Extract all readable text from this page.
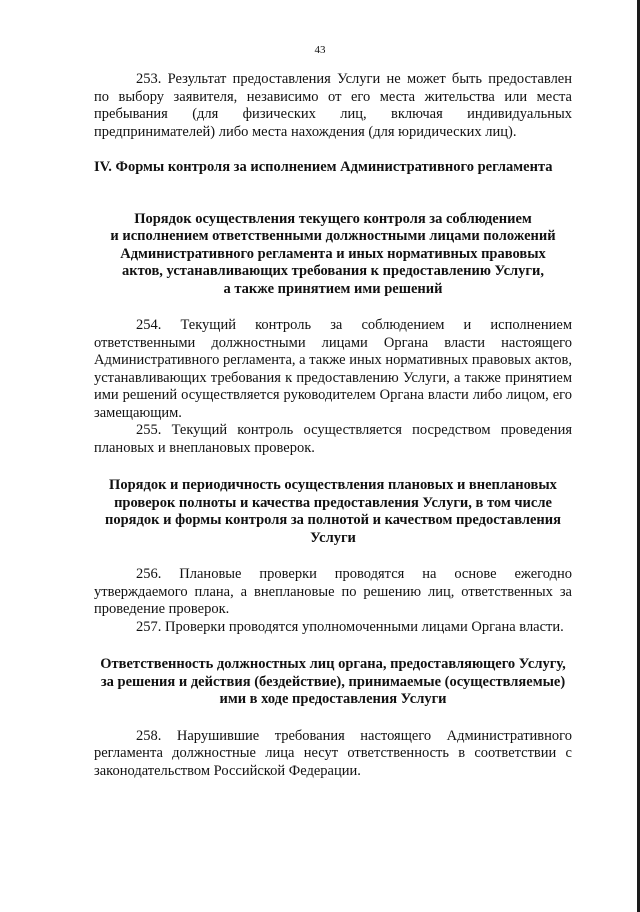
43

253. Результат предоставления Услуги не может быть предоставлен по выбору заявителя, независимо от его места жительства или места пребывания (для физических лиц, включая индивидуальных предпринимателей) либо места нахождения (для юридических лиц).

IV. Формы контроля за исполнением Административного регламента

Порядок осуществления текущего контроля за соблюдением
и исполнением ответственными должностными лицами положений
Административного регламента и иных нормативных правовых
актов, устанавливающих требования к предоставлению Услуги,
а также принятием ими решений

254. Текущий контроль за соблюдением и исполнением ответственными должностными лицами Органа власти настоящего Административного регламента, а также иных нормативных правовых актов, устанавливающих требования к предоставлению Услуги, а также принятием ими решений осуществляется руководителем Органа власти либо лицом, его замещающим.

255. Текущий контроль осуществляется посредством проведения плановых и внеплановых проверок.

Порядок и периодичность осуществления плановых и внеплановых
проверок полноты и качества предоставления Услуги, в том числе
порядок и формы контроля за полнотой и качеством предоставления
Услуги

256. Плановые проверки проводятся на основе ежегодно утверждаемого плана, а внеплановые по решению лиц, ответственных за проведение проверок.

257. Проверки проводятся уполномоченными лицами Органа власти.

Ответственность должностных лиц органа, предоставляющего Услугу,
за решения и действия (бездействие), принимаемые (осуществляемые)
ими в ходе предоставления Услуги

258. Нарушившие требования настоящего Административного регламента должностные лица несут ответственность в соответствии с законодательством Российской Федерации.
